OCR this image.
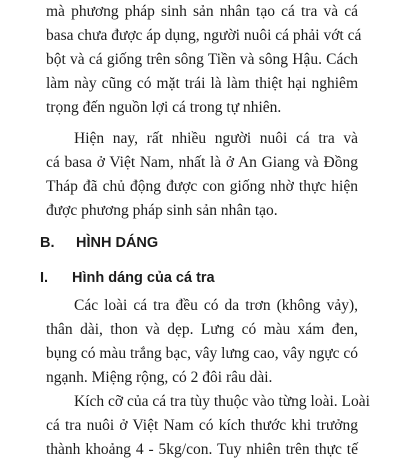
mà phương pháp sinh sản nhân tạo cá tra và cá
basa chưa được áp dụng, người nuôi cá phải vớt cá
bột và cá giống trên sông Tiền và sông Hậu. Cách
làm này cũng có mặt trái là làm thiệt hại nghiêm
trọng đến nguồn lợi cá trong tự nhiên.
Hiện nay, rất nhiều người nuôi cá tra và
cá basa ở Việt Nam, nhất là ở An Giang và Đồng
Tháp đã chủ động được con giống nhờ thực hiện
được phương pháp sinh sản nhân tạo.
B. HÌNH DÁNG
I. Hình dáng của cá tra
Các loài cá tra đều có da trơn (không vảy),
thân dài, thon và dẹp. Lưng có màu xám đen,
bụng có màu trắng bạc, vây lưng cao, vây ngực có
ngạnh. Miệng rộng, có 2 đôi râu dài.
Kích cỡ của cá tra tùy thuộc vào từng loài. Loài
cá tra nuôi ở Việt Nam có kích thước khi trưởng
thành khoảng 4 - 5kg/con. Tuy nhiên trên thực tế
